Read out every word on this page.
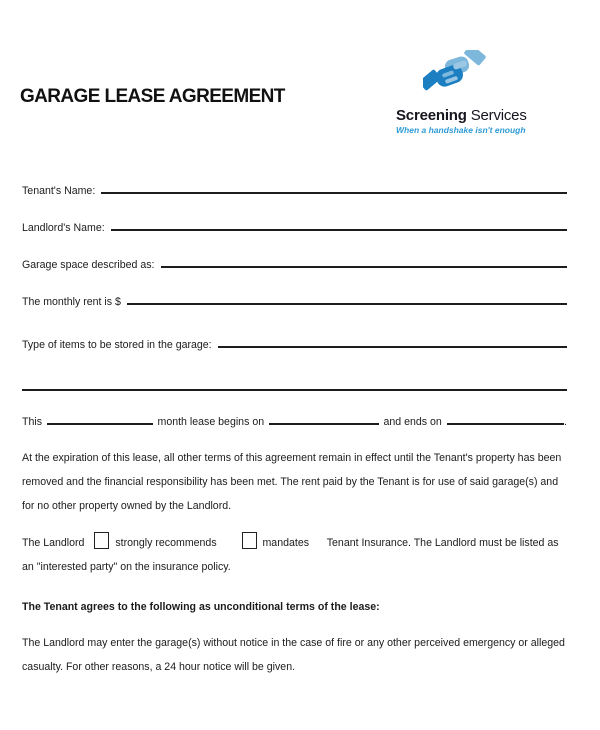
GARAGE LEASE AGREEMENT
Screening Services
When a handshake isn't enough
Tenant's Name:
Landlord's Name:
Garage space described as:
The monthly rent is $
Type of items to be stored in the garage:
This	month lease begins on	and ends on	.

At the expiration of this lease, all other terms of this agreement remain in effect until the Tenant's property has been removed and the financial responsibility has been met. The rent paid by the Tenant is for use of said garage(s) and for no other property owned by the Landlord.

The Landlord	strongly recommends	mandates Tenant Insurance. The Landlord must be listed as an "interested party" on the insurance policy.

The Tenant agrees to the following as unconditional terms of the lease:

The Landlord may enter the garage(s) without notice in the case of fire or any other perceived emergency or alleged casualty. For other reasons, a 24 hour notice will be given.
